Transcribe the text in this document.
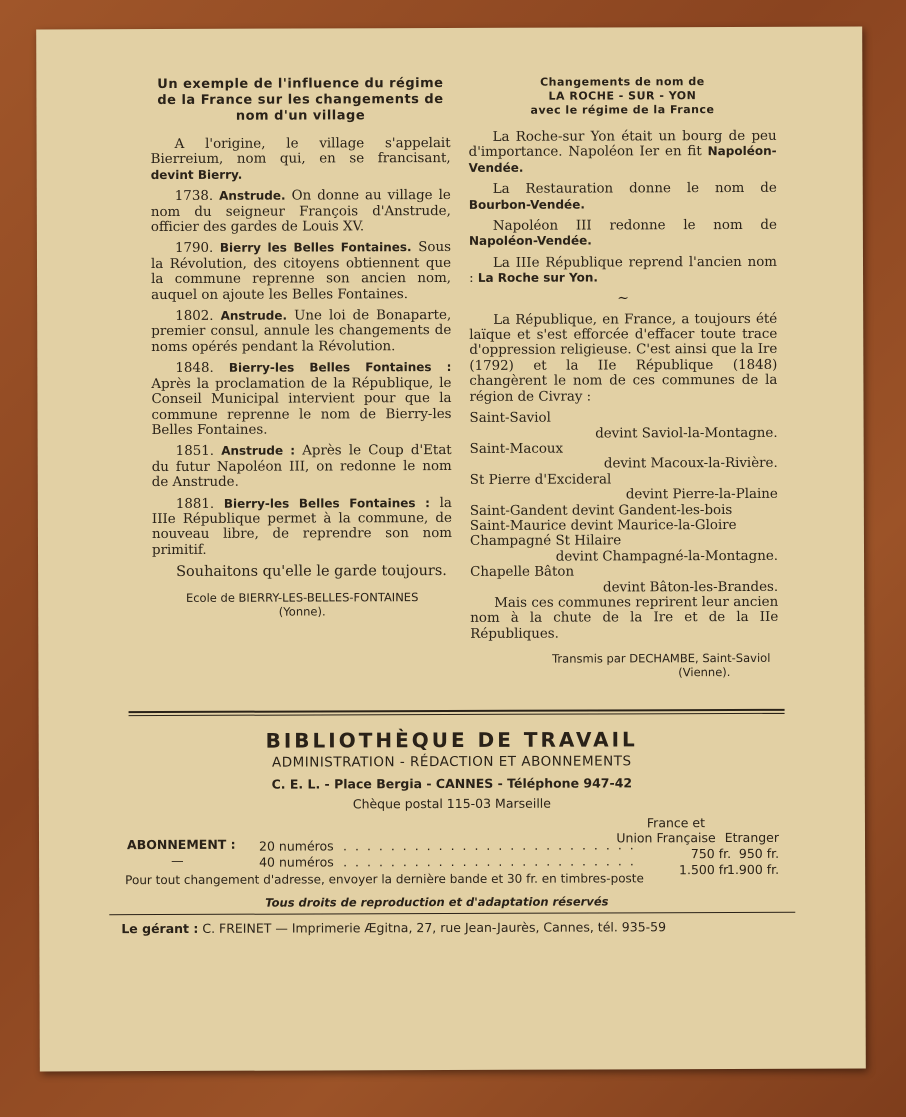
Un exemple de l'influence du régime de la France sur les changements de nom d'un village

A l'origine, le village s'appelait Bierreium, nom qui, en se francisant, devint Bierry.

1738. Anstrude. On donne au village le nom du seigneur François d'Anstrude, officier des gardes de Louis XV.

1790. Bierry les Belles Fontaines. Sous la Révolution, des citoyens obtiennent que la commune reprenne son ancien nom, auquel on ajoute les Belles Fontaines.

1802. Anstrude. Une loi de Bonaparte, premier consul, annule les changements de noms opérés pendant la Révolution.

1848. Bierry-les Belles Fontaines : Après la proclamation de la République, le Conseil Municipal intervient pour que la commune reprenne le nom de Bierry-les Belles Fontaines.

1851. Anstrude : Après le Coup d'Etat du futur Napoléon III, on redonne le nom de Anstrude.

1881. Bierry-les Belles Fontaines : la IIIe République permet à la commune, de nouveau libre, de reprendre son nom primitif.

Souhaitons qu'elle le garde toujours.

Ecole de BIERRY-LES-BELLES-FONTAINES
(Yonne).
Changements de nom de
LA ROCHE - SUR - YON
avec le régime de la France

La Roche-sur Yon était un bourg de peu d'importance. Napoléon Ier en fit Napoléon-Vendée.

La Restauration donne le nom de Bourbon-Vendée.

Napoléon III redonne le nom de Napoléon-Vendée.

La IIIe République reprend l'ancien nom : La Roche sur Yon.

~

La République, en France, a toujours été laïque et s'est efforcée d'effacer toute trace d'oppression religieuse. C'est ainsi que la Ire (1792) et la IIe République (1848) changèrent le nom de ces communes de la région de Civray :

Saint-Saviol
devint Saviol-la-Montagne.
Saint-Macoux
devint Macoux-la-Rivière.
St Pierre d'Excideral
devint Pierre-la-Plaine
Saint-Gandent devint Gandent-les-bois
Saint-Maurice devint Maurice-la-Gloire
Champagné St Hilaire
devint Champagné-la-Montagne.
Chapelle Bâton
devint Bâton-les-Brandes.

Mais ces communes reprirent leur ancien nom à la chute de la Ire et de la IIe Républiques.

Transmis par DECHAMBE, Saint-Saviol
(Vienne).
BIBLIOTHÈQUE DE TRAVAIL
ADMINISTRATION - RÉDACTION ET ABONNEMENTS
C. E. L. - Place Bergia - CANNES - Téléphone 947-42
Chèque postal 115-03 Marseille
France et
Union Française Etranger
ABONNEMENT : 20 numéros . . . . . . . . . . . . . . . . . . . . . . . . .
750 fr. 950 fr.
—	40 numéros . . . . . . . . . . . . . . . . . . . . . . . . .
1.500 fr.
1.900 fr.
Pour tout changement d'adresse, envoyer la dernière bande et 30 fr. en timbres-poste
Tous droits de reproduction et d'adaptation réservés
Le gérant : C. FREINET — Imprimerie Ægitna, 27, rue Jean-Jaurès, Cannes, tél. 935-59
